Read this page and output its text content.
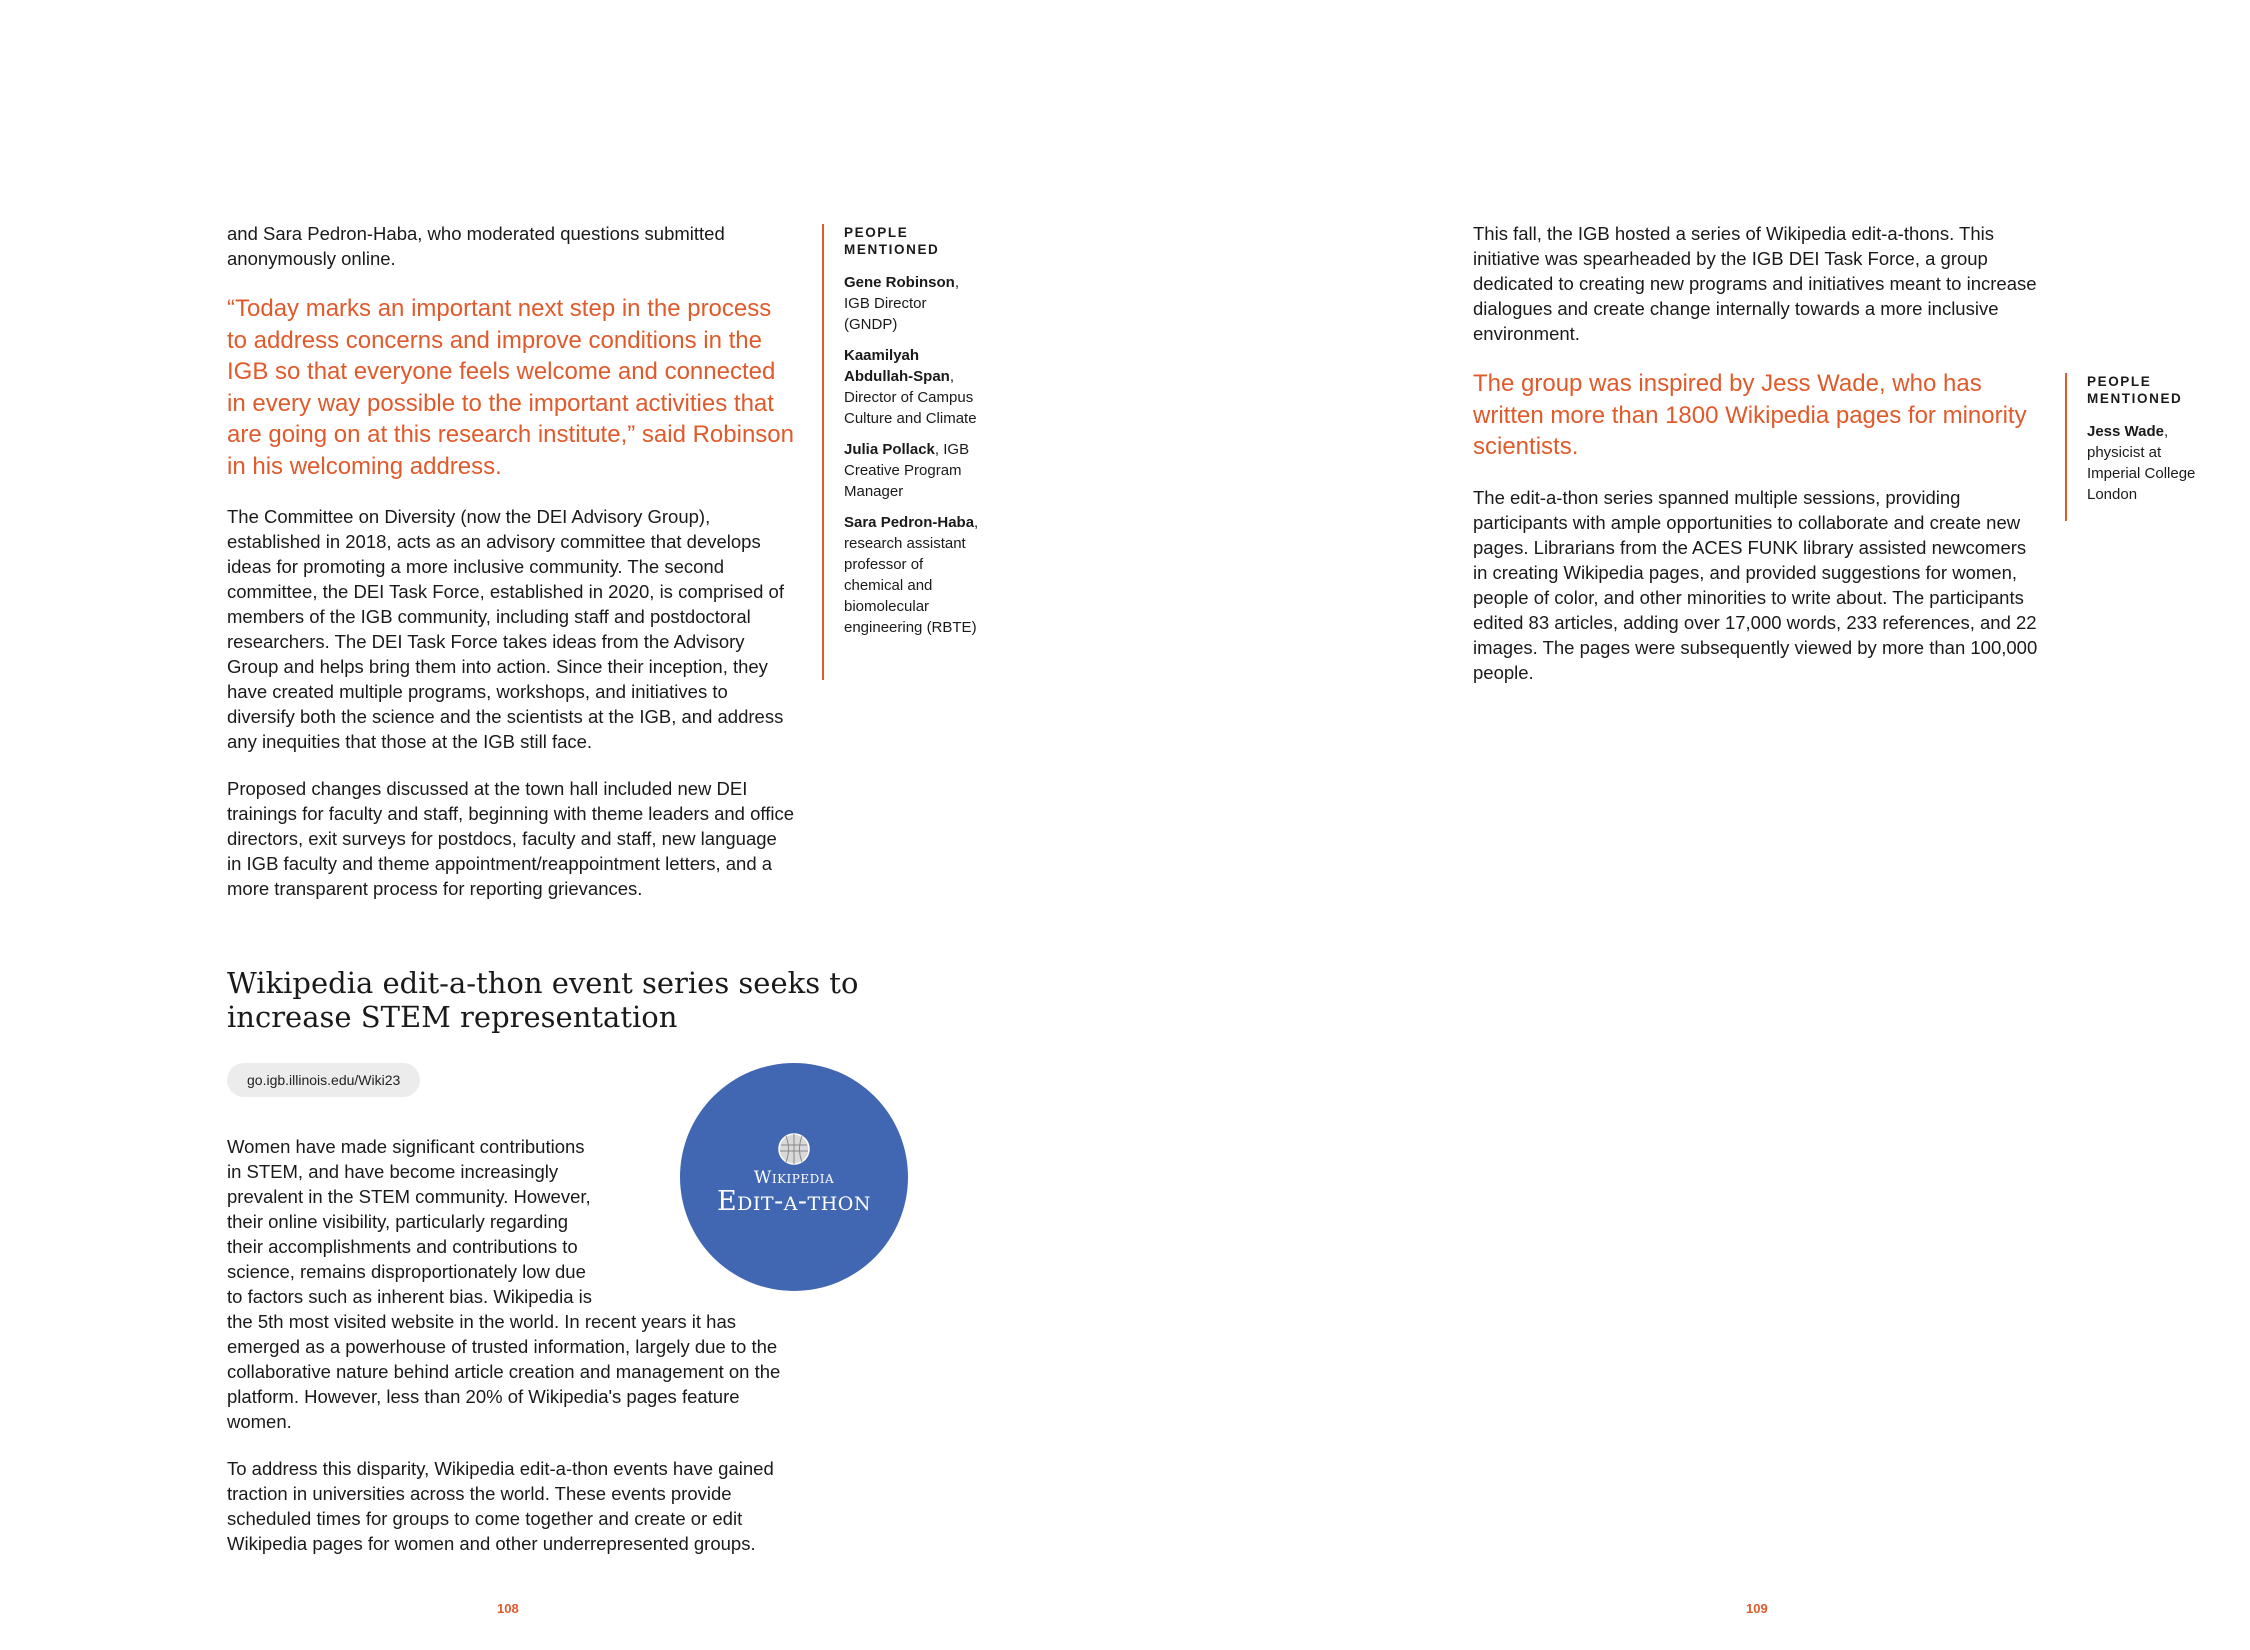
and Sara Pedron-Haba, who moderated questions submitted anonymously online.

“Today marks an important next step in the process to address concerns and improve conditions in the IGB so that everyone feels welcome and connected in every way possible to the important activities that are going on at this research institute,” said Robinson in his welcoming address.

The Committee on Diversity (now the DEI Advisory Group), established in 2018, acts as an advisory committee that develops ideas for promoting a more inclusive community. The second committee, the DEI Task Force, established in 2020, is comprised of members of the IGB community, including staff and postdoctoral researchers. The DEI Task Force takes ideas from the Advisory Group and helps bring them into action. Since their inception, they have created multiple programs, workshops, and initiatives to diversify both the science and the scientists at the IGB, and address any inequities that those at the IGB still face.

Proposed changes discussed at the town hall included new DEI trainings for faculty and staff, beginning with theme leaders and office directors, exit surveys for postdocs, faculty and staff, new language in IGB faculty and theme appointment/reappointment letters, and a more transparent process for reporting grievances.

PEOPLE
MENTIONED
Gene Robinson, IGB Director (GNDP)
Kaamilyah Abdullah-Span, Director of Campus Culture and Climate
Julia Pollack, IGB Creative Program Manager
Sara Pedron-Haba, research assistant professor of chemical and biomolecular engineering (RBTE)
Wikipedia edit-a-thon event series seeks to increase STEM representation
go.igb.illinois.edu/Wiki23
Wikipedia
Edit-a-thon

Women have made significant contributions in STEM, and have become increasingly prevalent in the STEM community. However, their online visibility, particularly regarding their accomplishments and contributions to science, remains disproportionately low due to factors such as inherent bias. Wikipedia is the 5th most visited website in the world. In recent years it has emerged as a powerhouse of trusted information, largely due to the collaborative nature behind article creation and management on the platform. However, less than 20% of Wikipedia's pages feature women.

To address this disparity, Wikipedia edit-a-thon events have gained traction in universities across the world. These events provide scheduled times for groups to come together and create or edit Wikipedia pages for women and other underrepresented groups.

108

This fall, the IGB hosted a series of Wikipedia edit-a-thons. This initiative was spearheaded by the IGB DEI Task Force, a group dedicated to creating new programs and initiatives meant to increase dialogues and create change internally towards a more inclusive environment.

The group was inspired by Jess Wade, who has written more than 1800 Wikipedia pages for minority scientists.

The edit-a-thon series spanned multiple sessions, providing participants with ample opportunities to collaborate and create new pages. Librarians from the ACES FUNK library assisted newcomers in creating Wikipedia pages, and provided suggestions for women, people of color, and other minorities to write about. The participants edited 83 articles, adding over 17,000 words, 233 references, and 22 images. The pages were subsequently viewed by more than 100,000 people.

PEOPLE
MENTIONED
Jess Wade, physicist at Imperial College London
109
